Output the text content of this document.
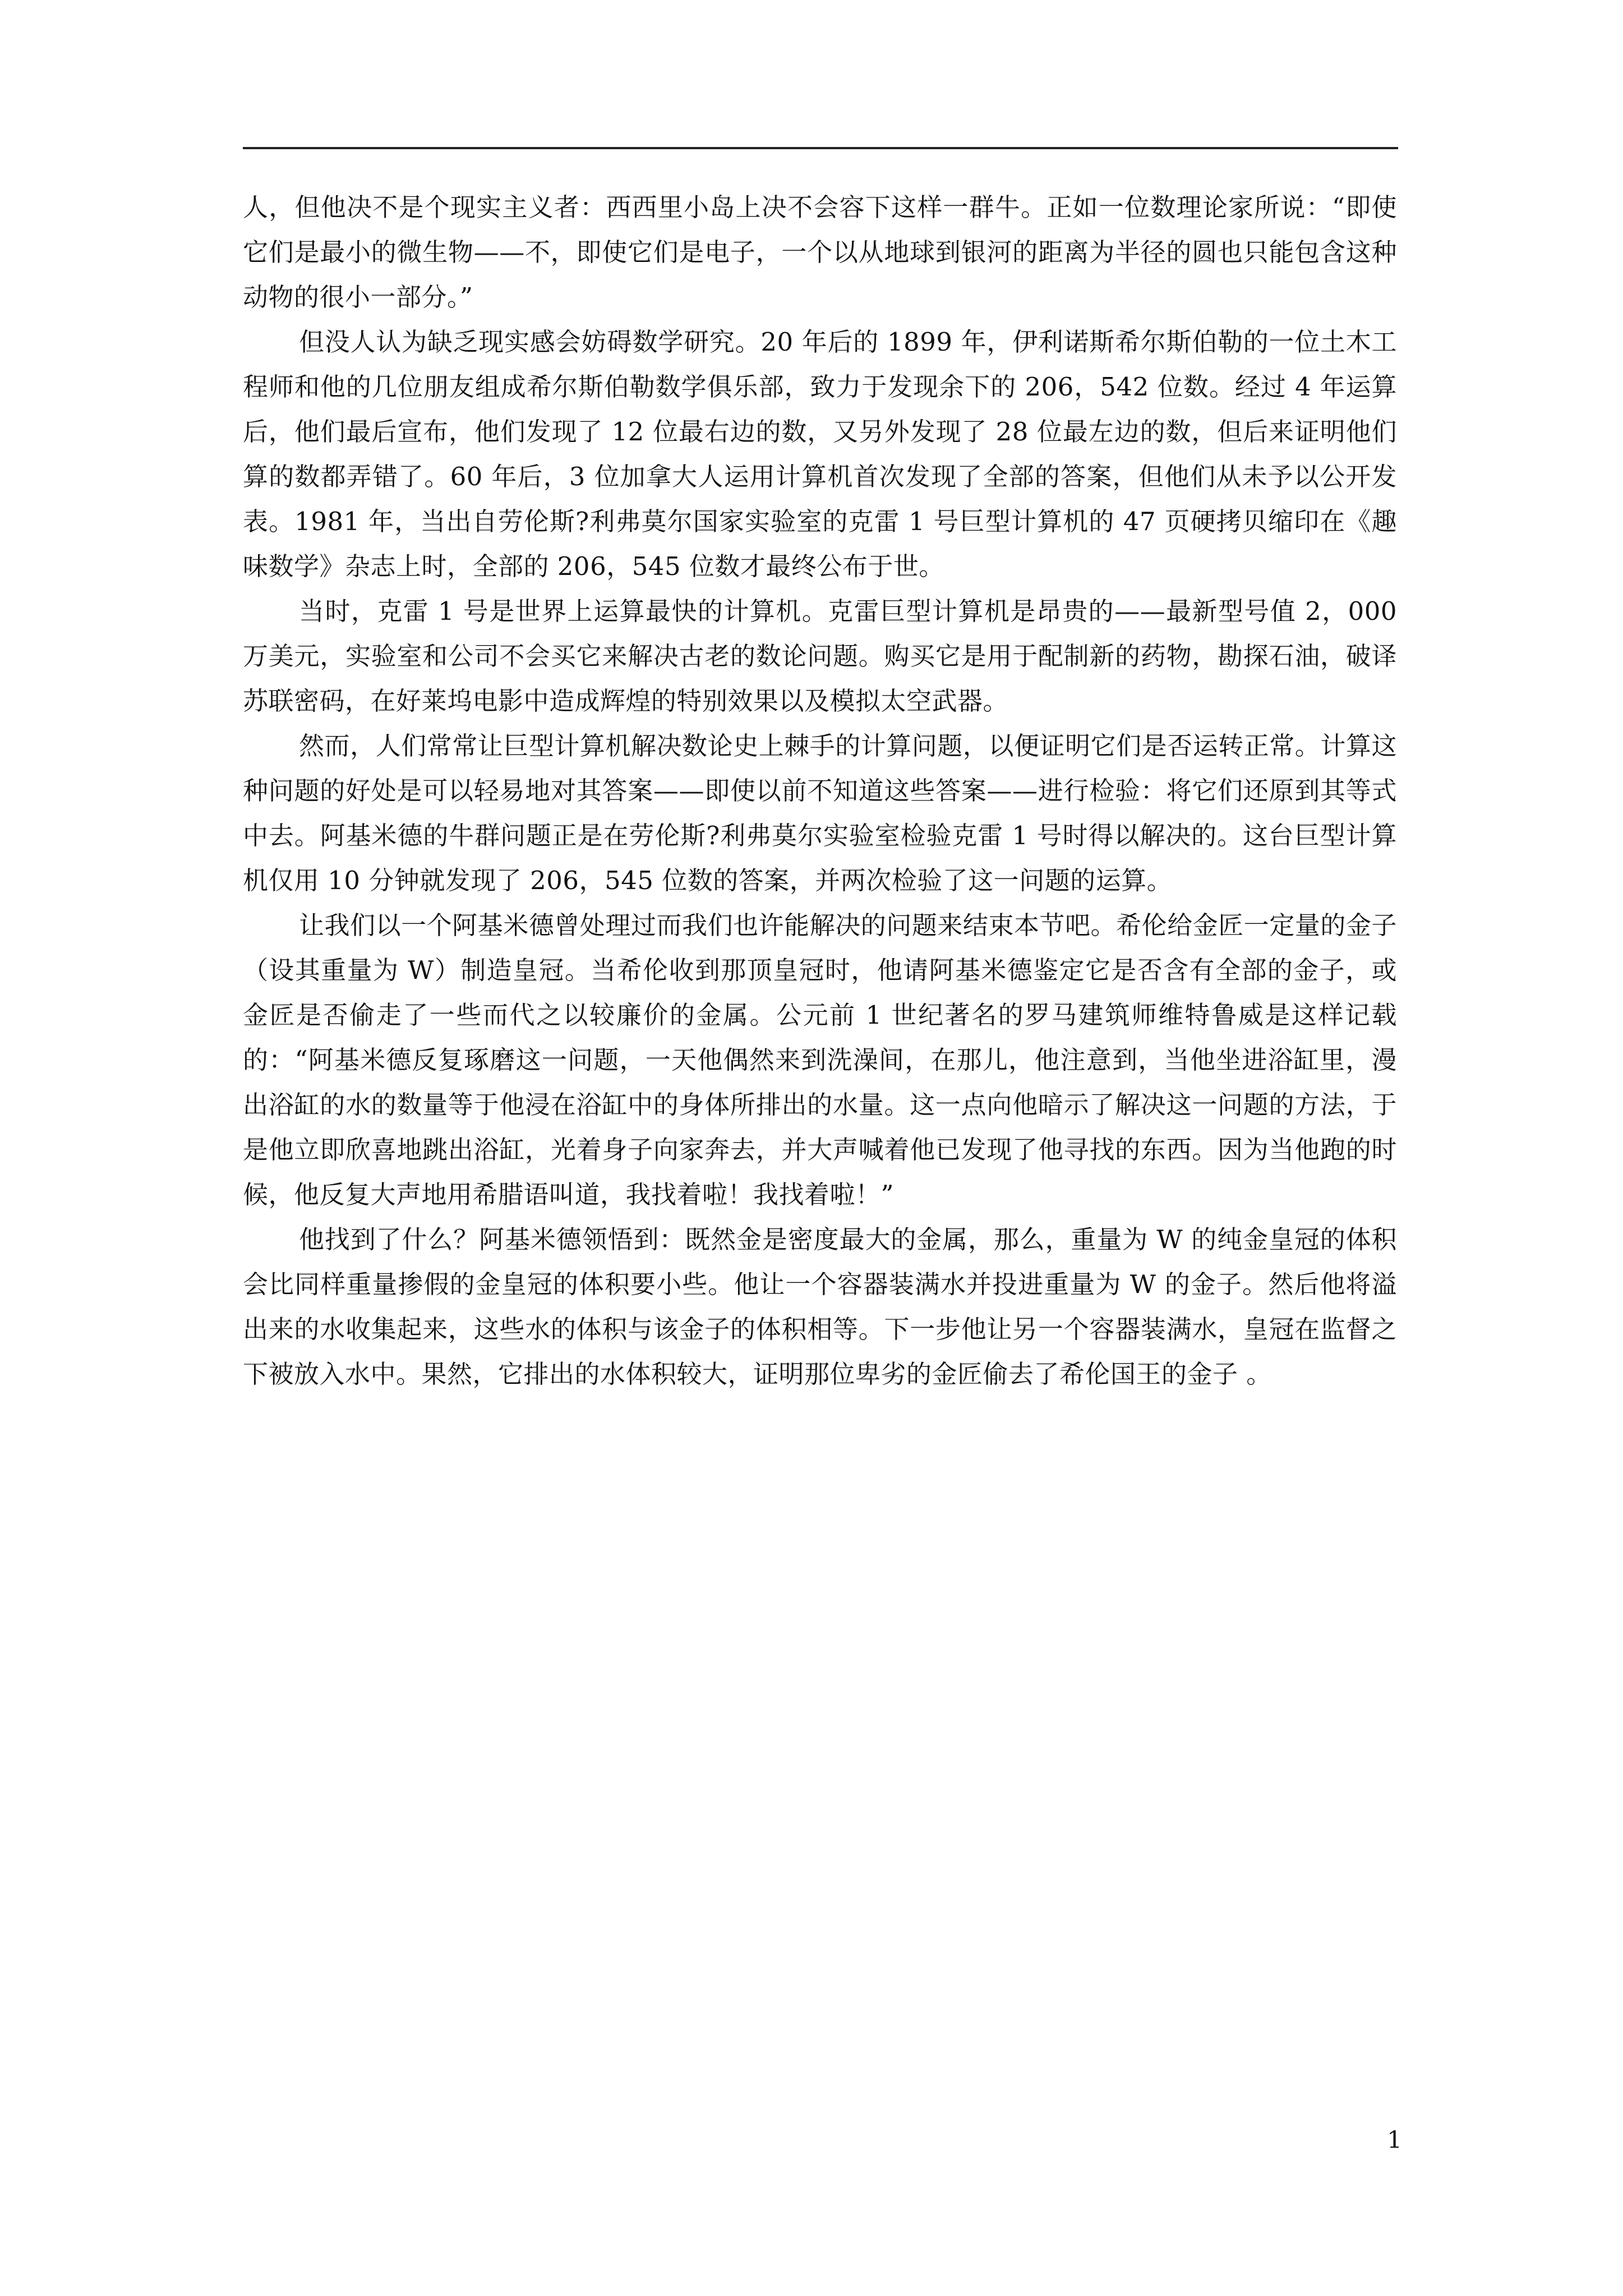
人，但他决不是个现实主义者：西西里小岛上决不会容下这样一群牛。正如一位数理论家所说：“即使它们是最小的微生物——不，即使它们是电子，一个以从地球到银河的距离为半径的圆也只能包含这种动物的很小一部分。”

但没人认为缺乏现实感会妨碍数学研究。20 年后的 1899 年，伊利诺斯希尔斯伯勒的一位土木工程师和他的几位朋友组成希尔斯伯勒数学俱乐部，致力于发现余下的 206，542 位数。经过 4 年运算后，他们最后宣布，他们发现了 12 位最右边的数，又另外发现了 28 位最左边的数，但后来证明他们算的数都弄错了。60 年后，3 位加拿大人运用计算机首次发现了全部的答案，但他们从未予以公开发表。1981 年，当出自劳伦斯?利弗莫尔国家实验室的克雷 1 号巨型计算机的 47 页硬拷贝缩印在《趣味数学》杂志上时，全部的 206，545 位数才最终公布于世。

当时，克雷 1 号是世界上运算最快的计算机。克雷巨型计算机是昂贵的——最新型号值 2，000 万美元，实验室和公司不会买它来解决古老的数论问题。购买它是用于配制新的药物，勘探石油，破译苏联密码，在好莱坞电影中造成辉煌的特别效果以及模拟太空武器。

然而，人们常常让巨型计算机解决数论史上棘手的计算问题，以便证明它们是否运转正常。计算这种问题的好处是可以轻易地对其答案——即使以前不知道这些答案——进行检验：将它们还原到其等式中去。阿基米德的牛群问题正是在劳伦斯?利弗莫尔实验室检验克雷 1 号时得以解决的。这台巨型计算机仅用 10 分钟就发现了 206，545 位数的答案，并两次检验了这一问题的运算。

让我们以一个阿基米德曾处理过而我们也许能解决的问题来结束本节吧。希伦给金匠一定量的金子（设其重量为 W）制造皇冠。当希伦收到那顶皇冠时，他请阿基米德鉴定它是否含有全部的金子，或金匠是否偷走了一些而代之以较廉价的金属。公元前 1 世纪著名的罗马建筑师维特鲁威是这样记载的：“阿基米德反复琢磨这一问题，一天他偶然来到洗澡间，在那儿，他注意到，当他坐进浴缸里，漫出浴缸的水的数量等于他浸在浴缸中的身体所排出的水量。这一点向他暗示了解决这一问题的方法，于是他立即欣喜地跳出浴缸，光着身子向家奔去，并大声喊着他已发现了他寻找的东西。因为当他跑的时候，他反复大声地用希腊语叫道，我找着啦！我找着啦！”

他找到了什么？阿基米德领悟到：既然金是密度最大的金属，那么，重量为 W 的纯金皇冠的体积会比同样重量掺假的金皇冠的体积要小些。他让一个容器装满水并投进重量为 W 的金子。然后他将溢出来的水收集起来，这些水的体积与该金子的体积相等。下一步他让另一个容器装满水，皇冠在监督之下被放入水中。果然，它排出的水体积较大，证明那位卑劣的金匠偷去了希伦国王的金子 。

1
